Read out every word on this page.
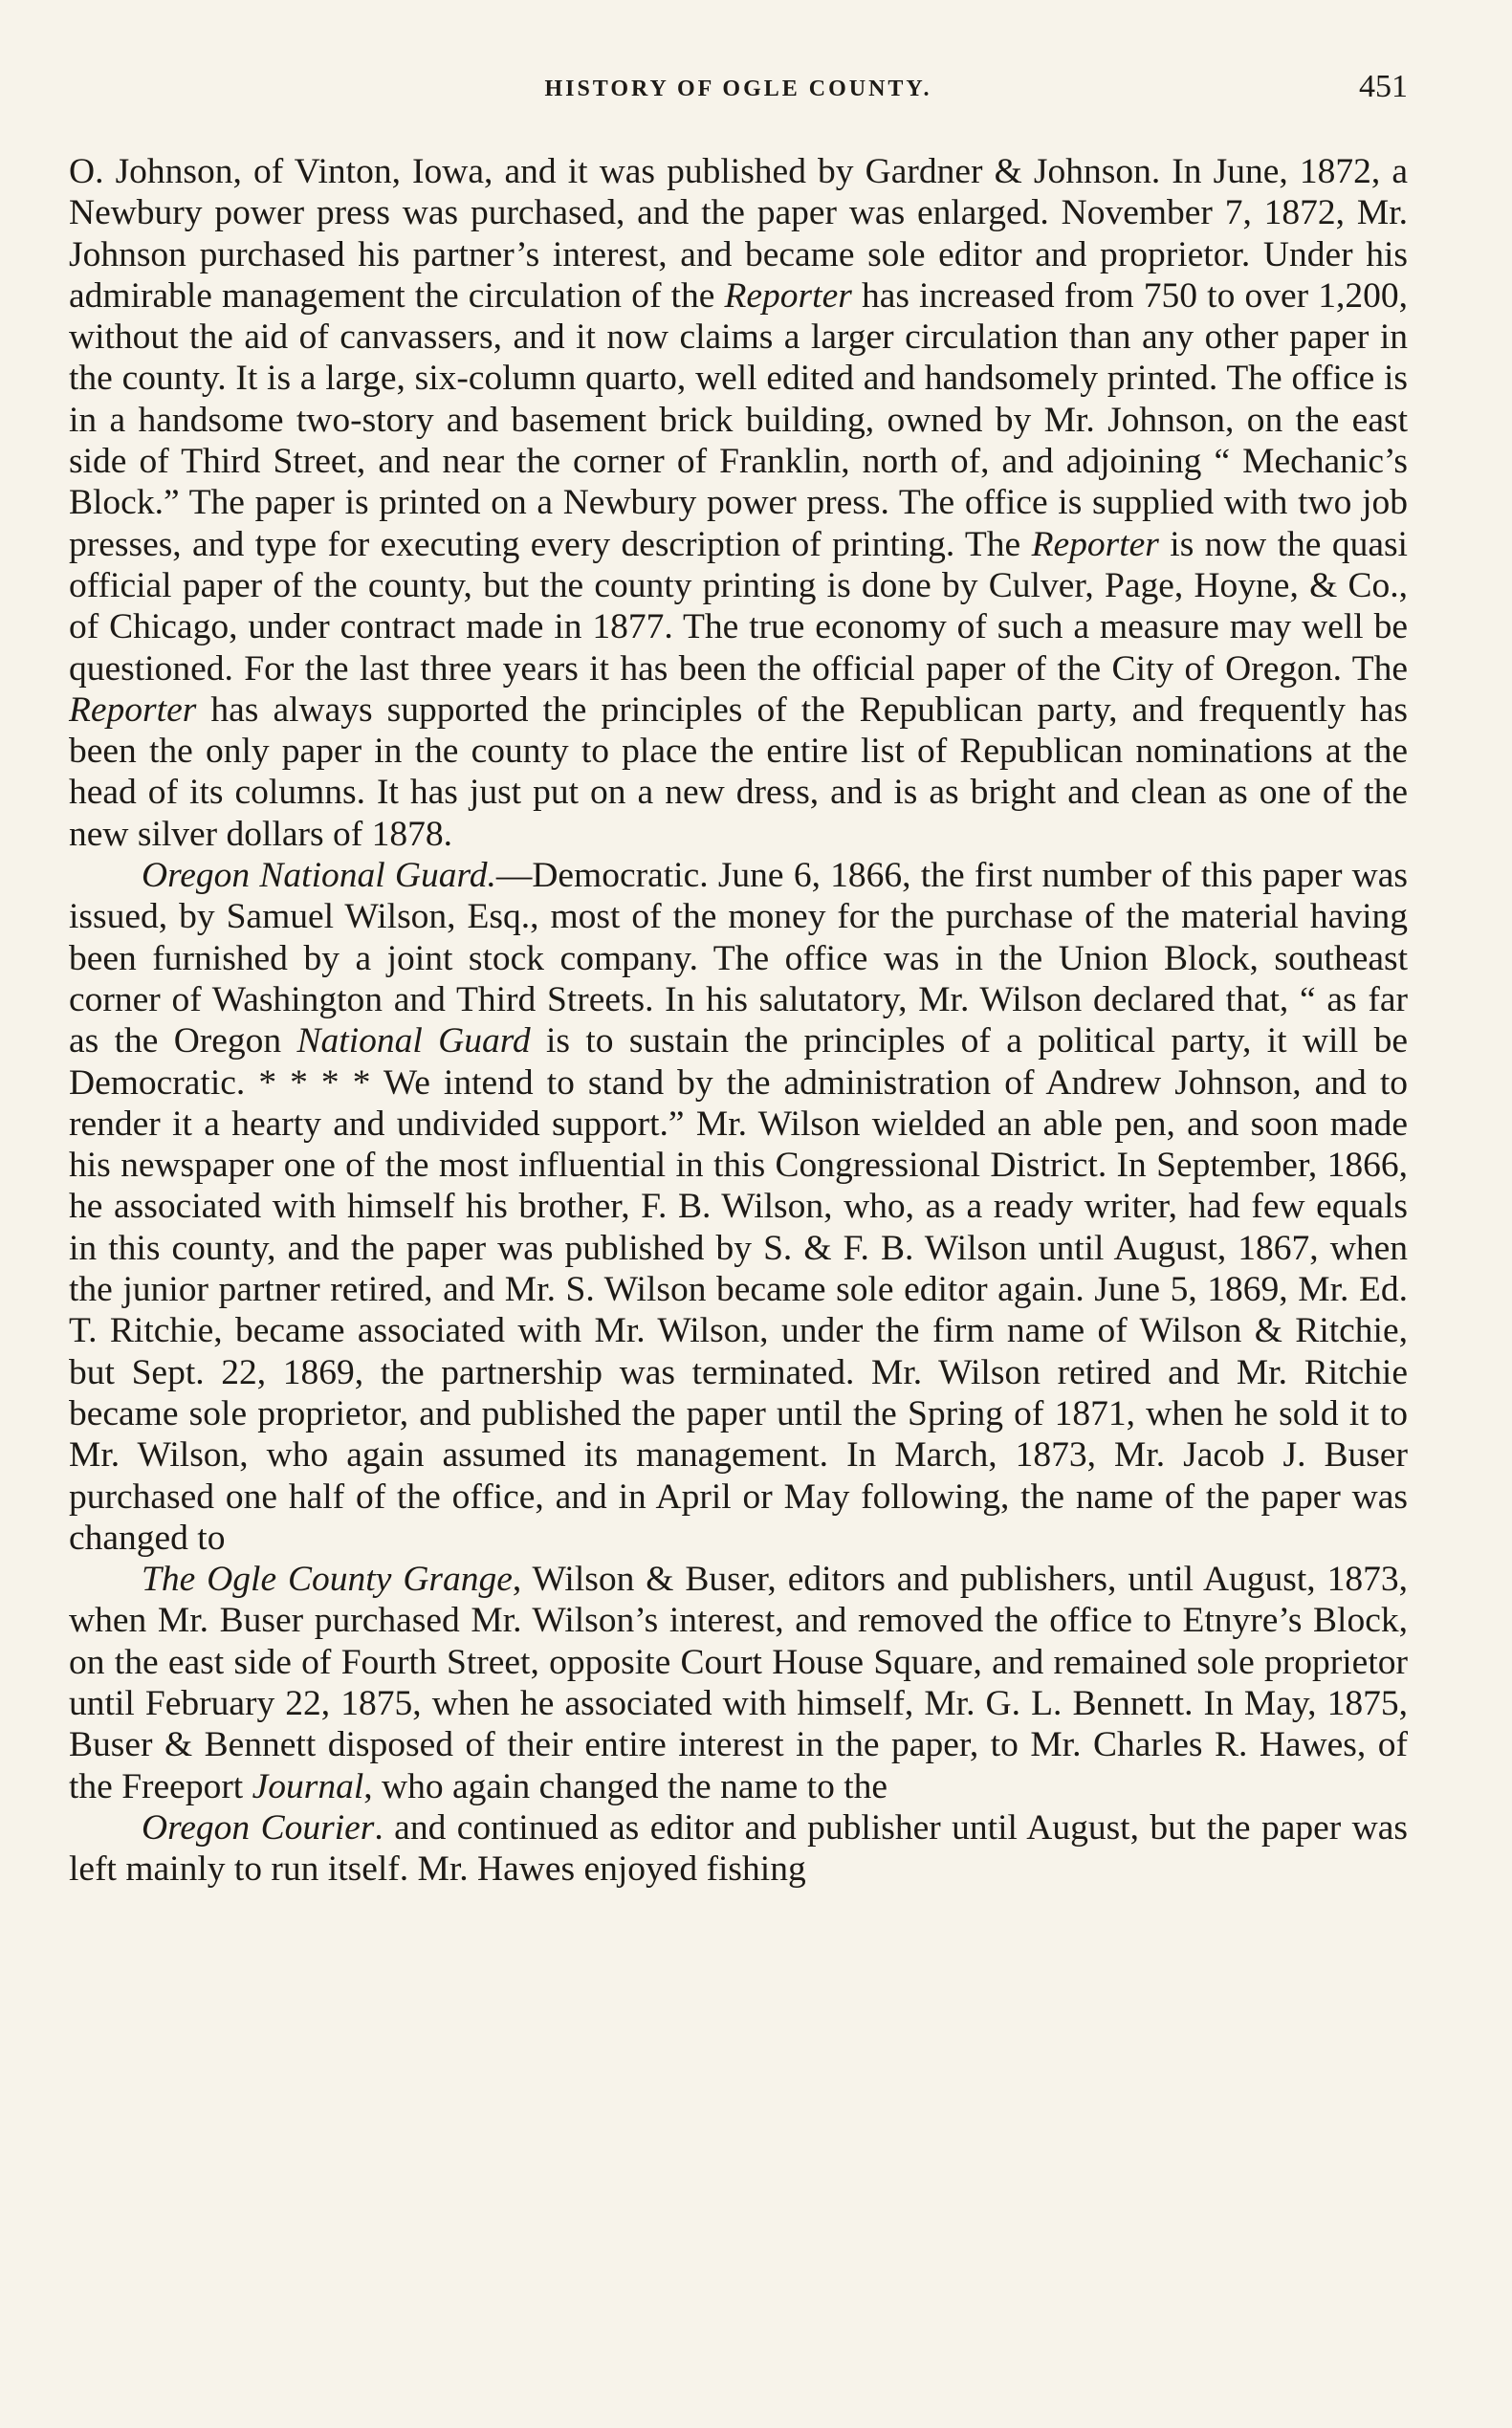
HISTORY OF OGLE COUNTY.	451

O. Johnson, of Vinton, Iowa, and it was published by Gardner & Johnson. In June, 1872, a Newbury power press was purchased, and the paper was enlarged. November 7, 1872, Mr. Johnson purchased his partner’s interest, and became sole editor and proprietor. Under his admirable management the circulation of the Reporter has increased from 750 to over 1,200, without the aid of canvassers, and it now claims a larger circulation than any other paper in the county. It is a large, six-column quarto, well edited and handsomely printed. The office is in a handsome two-story and basement brick building, owned by Mr. Johnson, on the east side of Third Street, and near the corner of Franklin, north of, and adjoining “ Mechanic’s Block.” The paper is printed on a Newbury power press. The office is supplied with two job presses, and type for executing every description of printing. The Reporter is now the quasi official paper of the county, but the county printing is done by Culver, Page, Hoyne, & Co., of Chicago, under contract made in 1877. The true economy of such a measure may well be questioned. For the last three years it has been the official paper of the City of Oregon. The Reporter has always supported the principles of the Republican party, and frequently has been the only paper in the county to place the entire list of Republican nominations at the head of its columns. It has just put on a new dress, and is as bright and clean as one of the new silver dollars of 1878.

Oregon National Guard.—Democratic. June 6, 1866, the first number of this paper was issued, by Samuel Wilson, Esq., most of the money for the purchase of the material having been furnished by a joint stock company. The office was in the Union Block, southeast corner of Washington and Third Streets. In his salutatory, Mr. Wilson declared that, “ as far as the Oregon National Guard is to sustain the principles of a political party, it will be Democratic. * * * * We intend to stand by the administration of Andrew Johnson, and to render it a hearty and undivided support.” Mr. Wilson wielded an able pen, and soon made his newspaper one of the most influential in this Congressional District. In September, 1866, he associated with himself his brother, F. B. Wilson, who, as a ready writer, had few equals in this county, and the paper was published by S. & F. B. Wilson until August, 1867, when the junior partner retired, and Mr. S. Wilson became sole editor again. June 5, 1869, Mr. Ed. T. Ritchie, became associated with Mr. Wilson, under the firm name of Wilson & Ritchie, but Sept. 22, 1869, the partnership was terminated. Mr. Wilson retired and Mr. Ritchie became sole proprietor, and published the paper until the Spring of 1871, when he sold it to Mr. Wilson, who again assumed its management. In March, 1873, Mr. Jacob J. Buser purchased one half of the office, and in April or May following, the name of the paper was changed to

The Ogle County Grange, Wilson & Buser, editors and publishers, until August, 1873, when Mr. Buser purchased Mr. Wilson’s interest, and removed the office to Etnyre’s Block, on the east side of Fourth Street, opposite Court House Square, and remained sole proprietor until February 22, 1875, when he associated with himself, Mr. G. L. Bennett. In May, 1875, Buser & Bennett disposed of their entire interest in the paper, to Mr. Charles R. Hawes, of the Freeport Journal, who again changed the name to the

Oregon Courier. and continued as editor and publisher until August, but the paper was left mainly to run itself. Mr. Hawes enjoyed fishing
